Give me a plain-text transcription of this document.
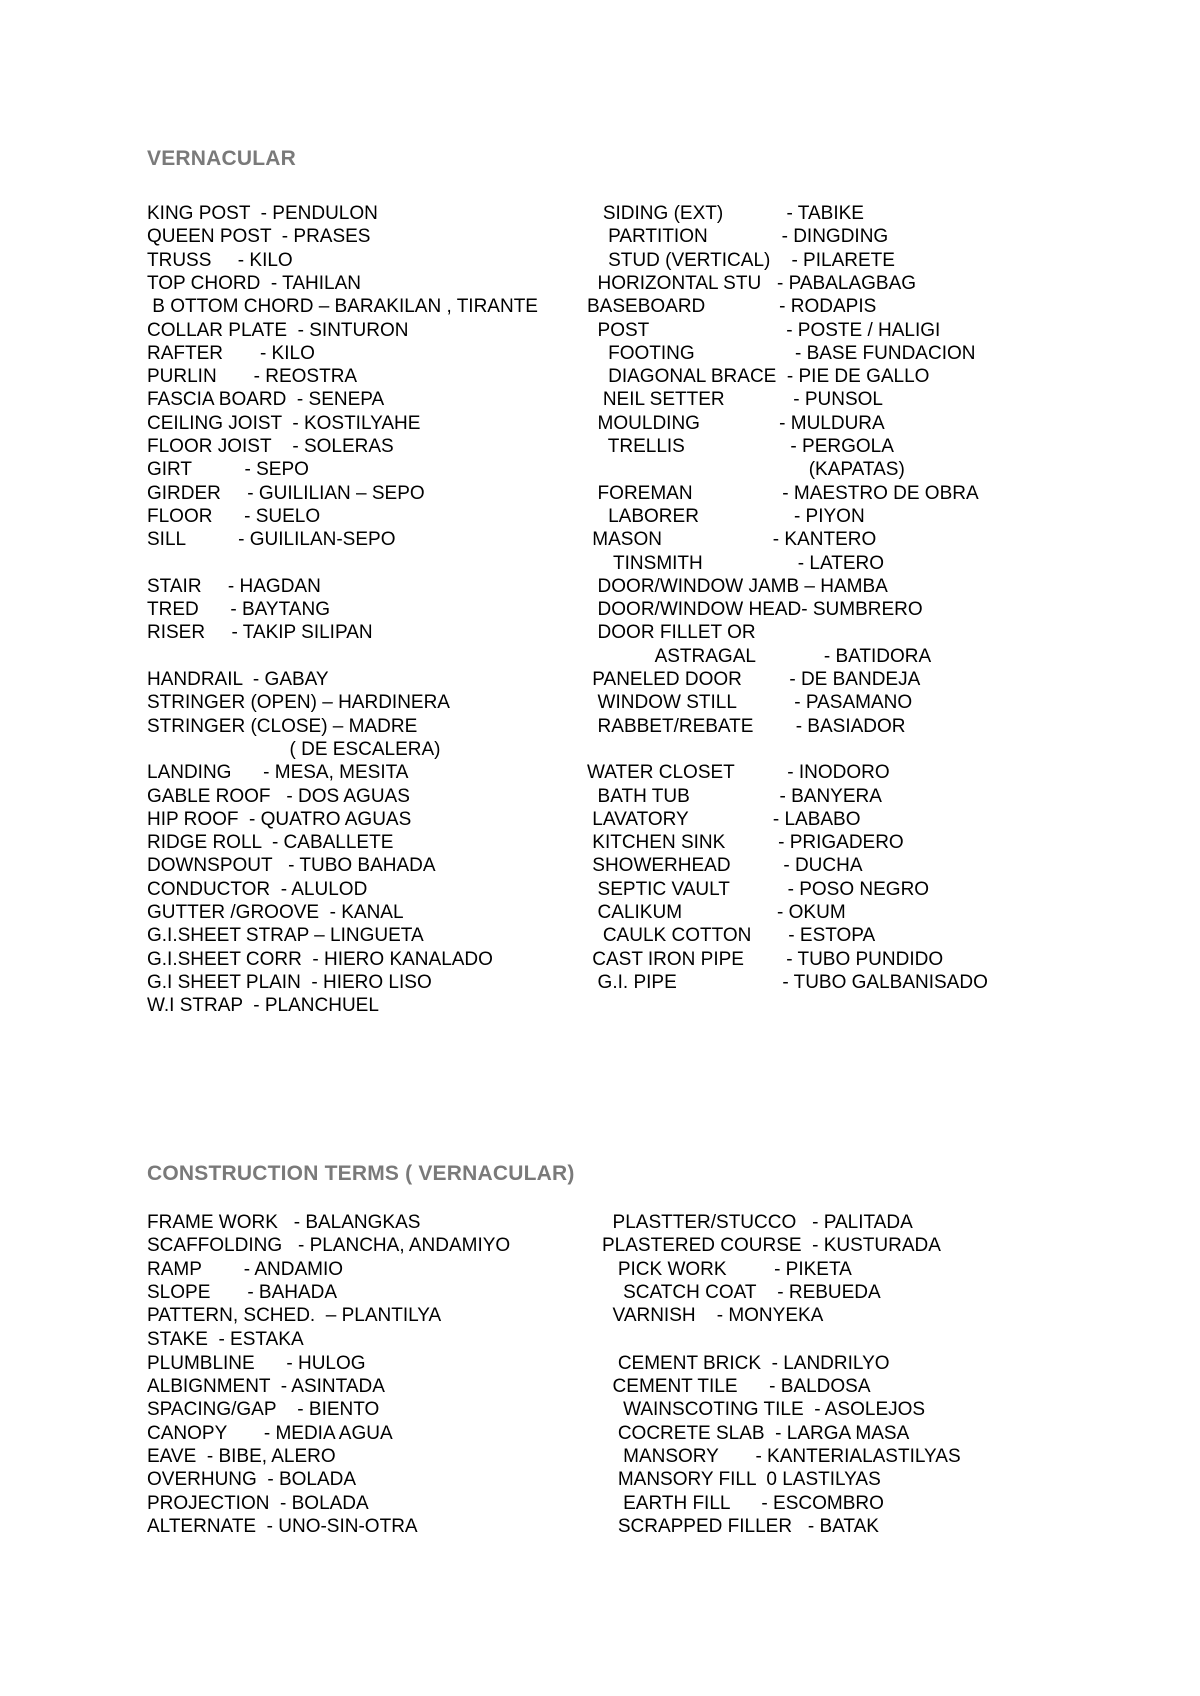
VERNACULAR
KING POST  - PENDULON
QUEEN POST  - PRASES
TRUSS     - KILO
TOP CHORD  - TAHILAN
B OTTOM CHORD – BARAKILAN , TIRANTE
COLLAR PLATE  - SINTURON
RAFTER       - KILO
PURLIN       - REOSTRA
FASCIA BOARD  - SENEPA
CEILING JOIST  - KOSTILYAHE
FLOOR JOIST    - SOLERAS
GIRT          - SEPO
GIRDER     - GUILILIAN – SEPO
FLOOR      - SUELO
SILL          - GUILILAN-SEPO
STAIR     - HAGDAN
TRED      - BAYTANG
RISER     - TAKIP SILIPAN
HANDRAIL  - GABAY
STRINGER (OPEN) – HARDINERA
STRINGER (CLOSE) – MADRE
( DE ESCALERA)
LANDING      - MESA, MESITA
GABLE ROOF   - DOS AGUAS
HIP ROOF  - QUATRO AGUAS
RIDGE ROLL  - CABALLETE
DOWNSPOUT   - TUBO BAHADA
CONDUCTOR  - ALULOD
GUTTER /GROOVE  - KANAL
G.I.SHEET STRAP – LINGUETA
G.I.SHEET CORR  - HIERO KANALADO
G.I SHEET PLAIN  - HIERO LISO
W.I STRAP  - PLANCHUEL
SIDING (EXT)            - TABIKE
PARTITION              - DINGDING
STUD (VERTICAL)    - PILARETE
HORIZONTAL STU   - PABALAGBAG
BASEBOARD              - RODAPIS
POST                          - POSTE / HALIGI
FOOTING                   - BASE FUNDACION
DIAGONAL BRACE  - PIE DE GALLO
NEIL SETTER             - PUNSOL
MOULDING               - MULDURA
TRELLIS                    - PERGOLA
(KAPATAS)
FOREMAN                 - MAESTRO DE OBRA
LABORER                  - PIYON
MASON                     - KANTERO
TINSMITH                  - LATERO
DOOR/WINDOW JAMB – HAMBA
DOOR/WINDOW HEAD- SUMBRERO
DOOR FILLET OR
ASTRAGAL             - BATIDORA
PANELED DOOR         - DE BANDEJA
WINDOW STILL           - PASAMANO
RABBET/REBATE        - BASIADOR
WATER CLOSET          - INODORO
BATH TUB                 - BANYERA
LAVATORY                - LABABO
KITCHEN SINK          - PRIGADERO
SHOWERHEAD          - DUCHA
SEPTIC VAULT           - POSO NEGRO
CALIKUM                  - OKUM
CAULK COTTON       - ESTOPA
CAST IRON PIPE        - TUBO PUNDIDO
G.I. PIPE                    - TUBO GALBANISADO
CONSTRUCTION TERMS ( VERNACULAR)
FRAME WORK   - BALANGKAS
SCAFFOLDING   - PLANCHA, ANDAMIYO
RAMP        - ANDAMIO
SLOPE       - BAHADA
PATTERN, SCHED.  – PLANTILYA
STAKE  - ESTAKA
PLUMBLINE      - HULOG
ALBIGNMENT  - ASINTADA
SPACING/GAP    - BIENTO
CANOPY       - MEDIA AGUA
EAVE  - BIBE, ALERO
OVERHUNG  - BOLADA
PROJECTION  - BOLADA
ALTERNATE  - UNO-SIN-OTRA
PLASTTER/STUCCO   - PALITADA
PLASTERED COURSE  - KUSTURADA
PICK WORK         - PIKETA
SCATCH COAT    - REBUEDA
VARNISH    - MONYEKA
CEMENT BRICK  - LANDRILYO
CEMENT TILE      - BALDOSA
WAINSCOTING TILE  - ASOLEJOS
COCRETE SLAB  - LARGA MASA
MANSORY       - KANTERIALASTILYAS
MANSORY FILL  0 LASTILYAS
EARTH FILL      - ESCOMBRO
SCRAPPED FILLER   - BATAK
